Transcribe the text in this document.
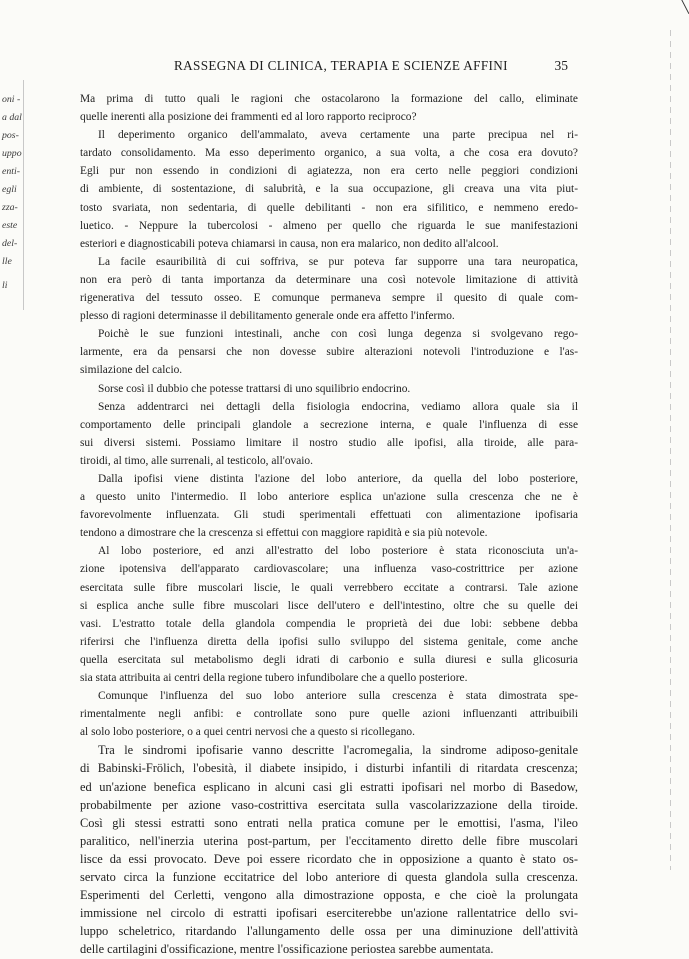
╲
oni -
a dal
pos-
uppo
enti-
egli
zza-
este
del-
lle
li
RASSEGNA DI CLINICA, TERAPIA E SCIENZE AFFINI	35
Ma prima di tutto quali le ragioni che ostacolarono la formazione del callo, eliminate
quelle inerenti alla posizione dei frammenti ed al loro rapporto reciproco?
Il deperimento organico dell'ammalato, aveva certamente una parte precipua nel ri-
tardato consolidamento. Ma esso deperimento organico, a sua volta, a che cosa era dovuto?
Egli pur non essendo in condizioni di agiatezza, non era certo nelle peggiori condizioni
di ambiente, di sostentazione, di salubrità, e la sua occupazione, gli creava una vita piut-
tosto svariata, non sedentaria, di quelle debilitanti - non era sifilitico, e nemmeno eredo-
luetico. - Neppure la tubercolosi - almeno per quello che riguarda le sue manifestazioni
esteriori e diagnosticabili poteva chiamarsi in causa, non era malarico, non dedito all'alcool.
La facile esauribilità di cui soffriva, se pur poteva far supporre una tara neuropatica,
non era però di tanta importanza da determinare una così notevole limitazione di attività
rigenerativa del tessuto osseo. E comunque permaneva sempre il quesito di quale com-
plesso di ragioni determinasse il debilitamento generale onde era affetto l'infermo.
Poichè le sue funzioni intestinali, anche con così lunga degenza si svolgevano rego-
larmente, era da pensarsi che non dovesse subire alterazioni notevoli l'introduzione e l'as-
similazione del calcio.
Sorse così il dubbio che potesse trattarsi di uno squilibrio endocrino.
Senza addentrarci nei dettagli della fisiologia endocrina, vediamo allora quale sia il
comportamento delle principali glandole a secrezione interna, e quale l'influenza di esse
sui diversi sistemi. Possiamo limitare il nostro studio alle ipofisi, alla tiroide, alle para-
tiroidi, al timo, alle surrenali, al testicolo, all'ovaio.
Dalla ipofisi viene distinta l'azione del lobo anteriore, da quella del lobo posteriore,
a questo unito l'intermedio. Il lobo anteriore esplica un'azione sulla crescenza che ne è
favorevolmente influenzata. Gli studi sperimentali effettuati con alimentazione ipofisaria
tendono a dimostrare che la crescenza si effettui con maggiore rapidità e sia più notevole.
Al lobo posteriore, ed anzi all'estratto del lobo posteriore è stata riconosciuta un'a-
zione ipotensiva dell'apparato cardiovascolare; una influenza vaso-costrittrice per azione
esercitata sulle fibre muscolari liscie, le quali verrebbero eccitate a contrarsi. Tale azione
si esplica anche sulle fibre muscolari lisce dell'utero e dell'intestino, oltre che su quelle dei
vasi. L'estratto totale della glandola compendia le proprietà dei due lobi: sebbene debba
riferirsi che l'influenza diretta della ipofisi sullo sviluppo del sistema genitale, come anche
quella esercitata sul metabolismo degli idrati di carbonio e sulla diuresi e sulla glicosuria
sia stata attribuita ai centri della regione tubero infundibolare che a quello posteriore.
Comunque l'influenza del suo lobo anteriore sulla crescenza è stata dimostrata spe-
rimentalmente negli anfibi: e controllate sono pure quelle azioni influenzanti attribuibili
al solo lobo posteriore, o a quei centri nervosi che a questo si ricollegano.
Tra le sindromi ipofisarie vanno descritte l'acromegalia, la sindrome adiposo-genitale
di Babinski-Frölich, l'obesità, il diabete insipido, i disturbi infantili di ritardata crescenza;
ed un'azione benefica esplicano in alcuni casi gli estratti ipofisari nel morbo di Basedow,
probabilmente per azione vaso-costrittiva esercitata sulla vascolarizzazione della tiroide.
Così gli stessi estratti sono entrati nella pratica comune per le emottisi, l'asma, l'ileo
paralitico, nell'inerzia uterina post-partum, per l'eccitamento diretto delle fibre muscolari
lisce da essi provocato. Deve poi essere ricordato che in opposizione a quanto è stato os-
servato circa la funzione eccitatrice del lobo anteriore di questa glandola sulla crescenza.
Esperimenti del Cerletti, vengono alla dimostrazione opposta, e che cioè la prolungata
immissione nel circolo di estratti ipofisari eserciterebbe un'azione rallentatrice dello svi-
luppo scheletrico, ritardando l'allungamento delle ossa per una diminuzione dell'attività
delle cartilagini d'ossificazione, mentre l'ossificazione periostea sarebbe aumentata.
